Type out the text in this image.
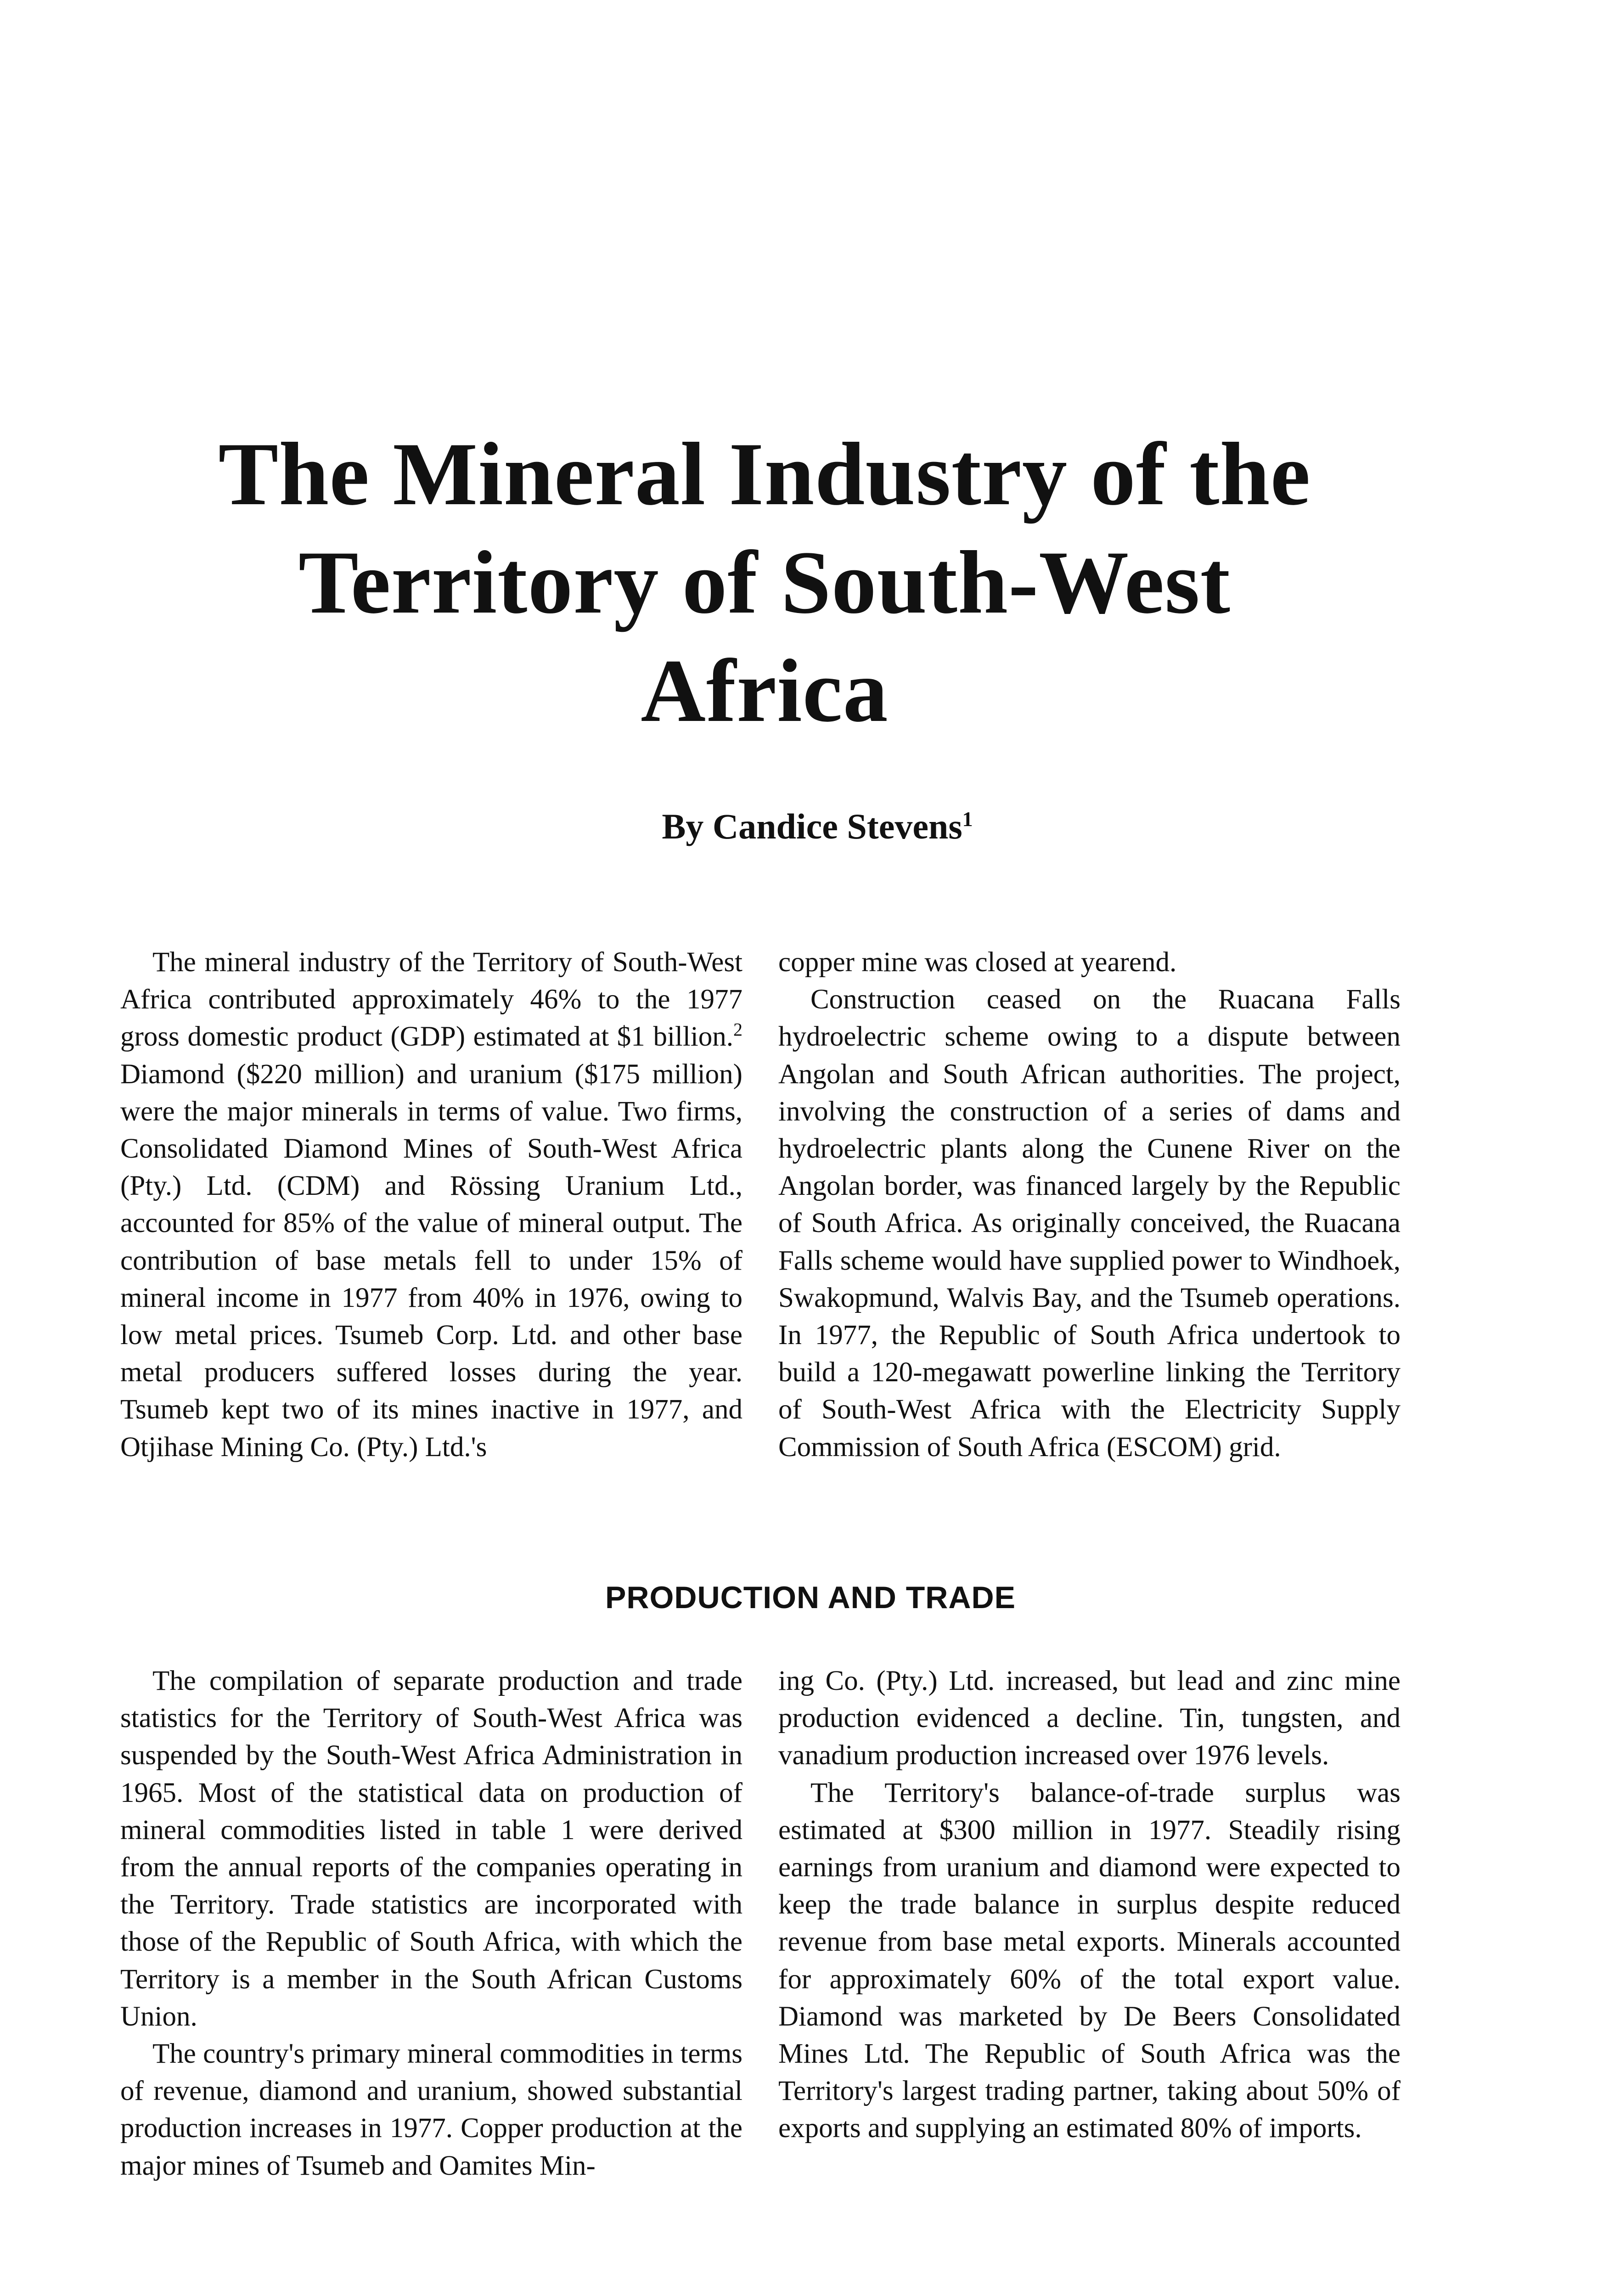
The Mineral Industry of the
Territory of South-West
Africa

By Candice Stevens$^1$

The mineral industry of the Territory of South-West Africa contributed approximately 46% to the 1977 gross domestic product (GDP) estimated at $1 billion.$^2$ Diamond ($220 million) and uranium ($175 million) were the major minerals in terms of value. Two firms, Consolidated Diamond Mines of South-West Africa (Pty.) Ltd. (CDM) and Rössing Uranium Ltd., accounted for 85% of the value of mineral output. The contribution of base metals fell to under 15% of mineral income in 1977 from 40% in 1976, owing to low metal prices. Tsumeb Corp. Ltd. and other base metal producers suffered losses during the year. Tsumeb kept two of its mines inactive in 1977, and Otjihase Mining Co. (Pty.) Ltd.'s

copper mine was closed at yearend.

Construction ceased on the Ruacana Falls hydroelectric scheme owing to a dispute between Angolan and South African authorities. The project, involving the construction of a series of dams and hydroelectric plants along the Cunene River on the Angolan border, was financed largely by the Republic of South Africa. As originally conceived, the Ruacana Falls scheme would have supplied power to Windhoek, Swakopmund, Walvis Bay, and the Tsumeb operations. In 1977, the Republic of South Africa undertook to build a 120-megawatt powerline linking the Territory of South-West Africa with the Electricity Supply Commission of South Africa (ESCOM) grid.

PRODUCTION AND TRADE

The compilation of separate production and trade statistics for the Territory of South-West Africa was suspended by the South-West Africa Administration in 1965. Most of the statistical data on production of mineral commodities listed in table 1 were derived from the annual reports of the companies operating in the Territory. Trade statistics are incorporated with those of the Republic of South Africa, with which the Territory is a member in the South African Customs Union.

The country's primary mineral commodities in terms of revenue, diamond and uranium, showed substantial production increases in 1977. Copper production at the major mines of Tsumeb and Oamites Min-

ing Co. (Pty.) Ltd. increased, but lead and zinc mine production evidenced a decline. Tin, tungsten, and vanadium production increased over 1976 levels.

The Territory's balance-of-trade surplus was estimated at $300 million in 1977. Steadily rising earnings from uranium and diamond were expected to keep the trade balance in surplus despite reduced revenue from base metal exports. Minerals accounted for approximately 60% of the total export value. Diamond was marketed by De Beers Consolidated Mines Ltd. The Republic of South Africa was the Territory's largest trading partner, taking about 50% of exports and supplying an estimated 80% of imports.
